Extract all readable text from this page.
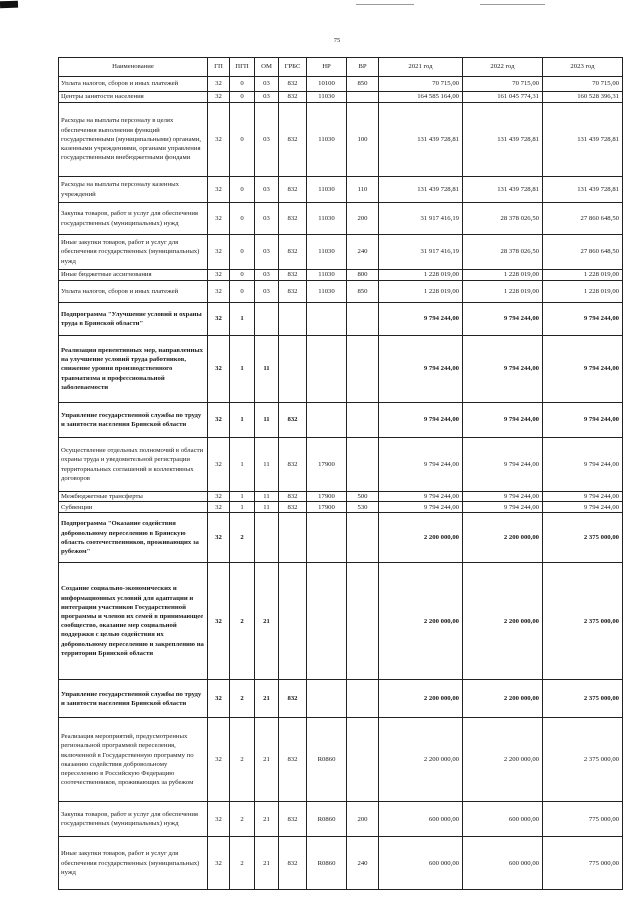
75
Наименование	ГП	ПГП	ОМ	ГРБС	НР	ВР	2021 год	2022 год	2023 год
Уплата налогов, сборов и иных платежей	32	0	03	832	10100	850	70 715,00	70 715,00	70 715,00
Центры занятости населения	32	0	03	832	11030		164 585 164,00	161 045 774,31	160 528 396,31
Расходы на выплаты персоналу в целях обеспечения выполнения функций государственными (муниципальными) органами, казенными учреждениями, органами управления государственными внебюджетными фондами	32	0	03	832	11030	100	131 439 728,81	131 439 728,81	131 439 728,81
Расходы на выплаты персоналу казенных учреждений	32	0	03	832	11030	110	131 439 728,81	131 439 728,81	131 439 728,81
Закупка товаров, работ и услуг для обеспечения государственных (муниципальных) нужд	32	0	03	832	11030	200	31 917 416,19	28 378 026,50	27 860 648,50
Иные закупки товаров, работ и услуг для обеспечения государственных (муниципальных) нужд	32	0	03	832	11030	240	31 917 416,19	28 378 026,50	27 860 648,50
Иные бюджетные ассигнования	32	0	03	832	11030	800	1 228 019,00	1 228 019,00	1 228 019,00
Уплата налогов, сборов и иных платежей	32	0	03	832	11030	850	1 228 019,00	1 228 019,00	1 228 019,00
Подпрограмма "Улучшение условий и охраны труда в Брянской области"	32	1					9 794 244,00	9 794 244,00	9 794 244,00
Реализация превентивных мер, направленных на улучшение условий труда работников, снижение уровня производственного травматизма и профессиональной заболеваемости	32	1	11				9 794 244,00	9 794 244,00	9 794 244,00
Управление государственной службы по труду и занятости населения Брянской области	32	1	11	832			9 794 244,00	9 794 244,00	9 794 244,00
Осуществление отдельных полномочий в области охраны труда и уведомительной регистрации территориальных соглашений и коллективных договоров	32	1	11	832	17900		9 794 244,00	9 794 244,00	9 794 244,00
Межбюджетные трансферты	32	1	11	832	17900	500	9 794 244,00	9 794 244,00	9 794 244,00
Субвенции	32	1	11	832	17900	530	9 794 244,00	9 794 244,00	9 794 244,00
Подпрограмма "Оказание содействия добровольному переселению в Брянскую область соотечественников, проживающих за рубежом"	32	2					2 200 000,00	2 200 000,00	2 375 000,00
Создание социально-экономических и информационных условий для адаптации и интеграции участников Государственной программы и членов их семей в принимающее сообщество, оказание мер социальной поддержки с целью содействия их добровольному переселению и закреплению на территории Брянской области	32	2	21				2 200 000,00	2 200 000,00	2 375 000,00
Управление государственной службы по труду и занятости населения Брянской области	32	2	21	832			2 200 000,00	2 200 000,00	2 375 000,00
Реализация мероприятий, предусмотренных региональной программой переселения, включенной в Государственную программу по оказанию содействия добровольному переселению в Российскую Федерацию соотечественников, проживающих за рубежом	32	2	21	832	R0860		2 200 000,00	2 200 000,00	2 375 000,00
Закупка товаров, работ и услуг для обеспечения государственных (муниципальных) нужд	32	2	21	832	R0860	200	600 000,00	600 000,00	775 000,00
Иные закупки товаров, работ и услуг для обеспечения государственных (муниципальных) нужд	32	2	21	832	R0860	240	600 000,00	600 000,00	775 000,00
